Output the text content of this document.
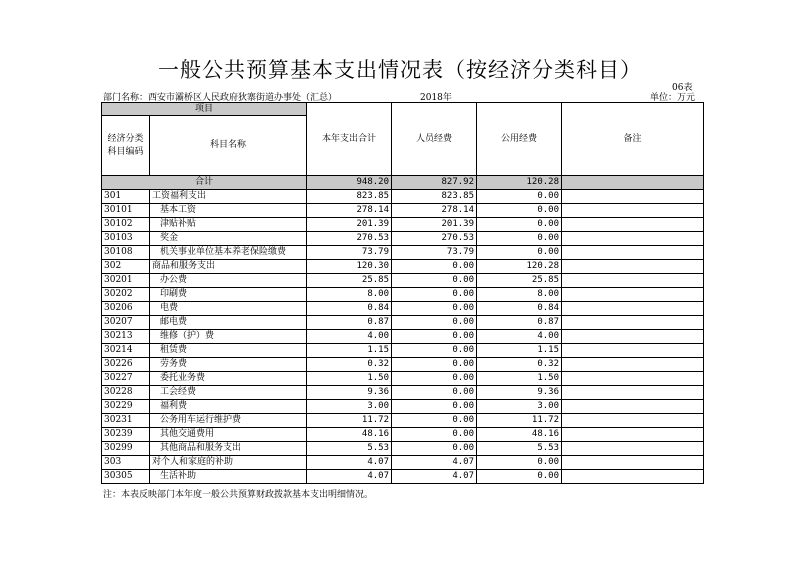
一般公共预算基本支出情况表（按经济分类科目）
06表
部门名称：西安市灞桥区人民政府狄寨街道办事处（汇总）	2018年	单位：万元
项目		本年支出合计	人员经费	公用经费	备注
经济分类科目编码	科目名称				
合计		948.20	827.92	120.28	
301	工资福利支出	823.85	823.85	0.00	
30101	基本工资	278.14	278.14	0.00	
30102	津贴补贴	201.39	201.39	0.00	
30103	奖金	270.53	270.53	0.00	
30108	机关事业单位基本养老保险缴费	73.79	73.79	0.00	
302	商品和服务支出	120.30	0.00	120.28	
30201	办公费	25.85	0.00	25.85	
30202	印刷费	8.00	0.00	8.00	
30206	电费	0.84	0.00	0.84	
30207	邮电费	0.87	0.00	0.87	
30213	维修（护）费	4.00	0.00	4.00	
30214	租赁费	1.15	0.00	1.15	
30226	劳务费	0.32	0.00	0.32	
30227	委托业务费	1.50	0.00	1.50	
30228	工会经费	9.36	0.00	9.36	
30229	福利费	3.00	0.00	3.00	
30231	公务用车运行维护费	11.72	0.00	11.72	
30239	其他交通费用	48.16	0.00	48.16	
30299	其他商品和服务支出	5.53	0.00	5.53	
303	对个人和家庭的补助	4.07	4.07	0.00	
30305	生活补助	4.07	4.07	0.00	
注：本表反映部门本年度一般公共预算财政拨款基本支出明细情况。
